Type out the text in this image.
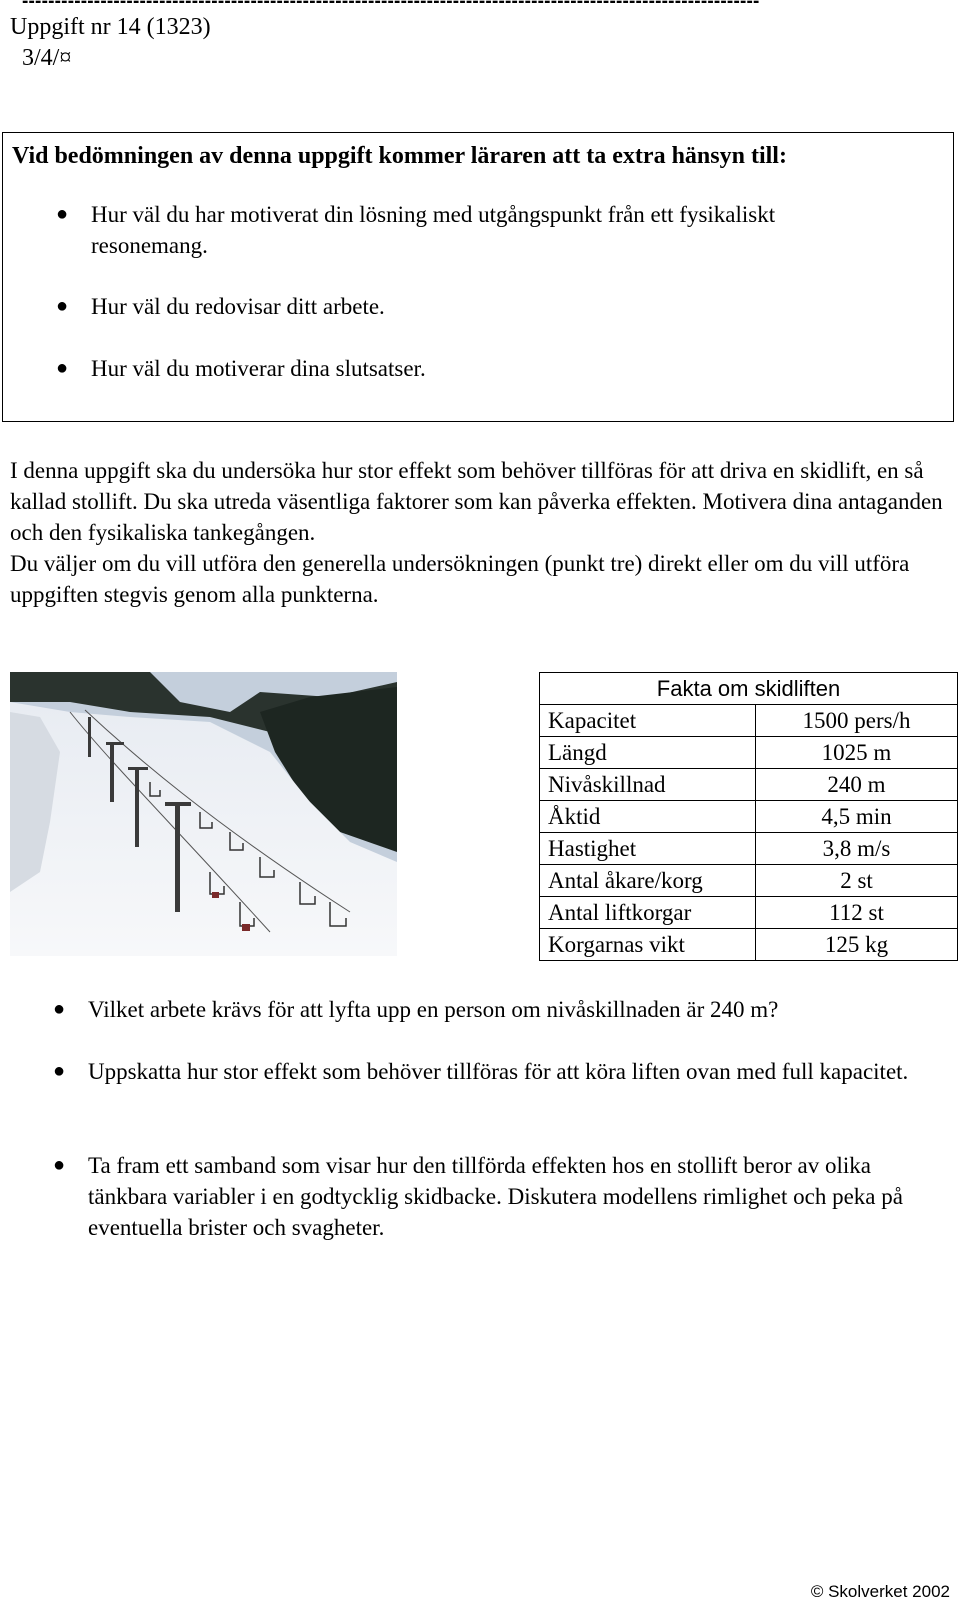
-----------------------------------------------------------------------------------------------------------------
Uppgift nr 14 (1323)
3/4/¤
Vid bedömningen av denna uppgift kommer läraren att ta extra hänsyn till:
● Hur väl du har motiverat din lösning med utgångspunkt från ett fysikaliskt resonemang.
● Hur väl du redovisar ditt arbete.
● Hur väl du motiverar dina slutsatser.

I denna uppgift ska du undersöka hur stor effekt som behöver tillföras för att driva en skidlift, en så kallad stollift. Du ska utreda väsentliga faktorer som kan påverka effekten. Motivera dina antaganden och den fysikaliska tankegången.

Du väljer om du vill utföra den generella undersökningen (punkt tre) direkt eller om du vill utföra uppgiften stegvis genom alla punkterna.

Fakta om skidliften	
Kapacitet	1500 pers/h
Längd	1025 m
Nivåskillnad	240 m
Åktid	4,5 min
Hastighet	3,8 m/s
Antal åkare/korg	2 st
Antal liftkorgar	112 st
Korgarnas vikt	125 kg
● Vilket arbete krävs för att lyfta upp en person om nivåskillnaden är 240 m?
● Uppskatta hur stor effekt som behöver tillföras för att köra liften ovan med full kapacitet.
● Ta fram ett samband som visar hur den tillförda effekten hos en stollift beror av olika tänkbara variabler i en godtycklig skidbacke. Diskutera modellens rimlighet och peka på eventuella brister och svagheter.
© Skolverket 2002
